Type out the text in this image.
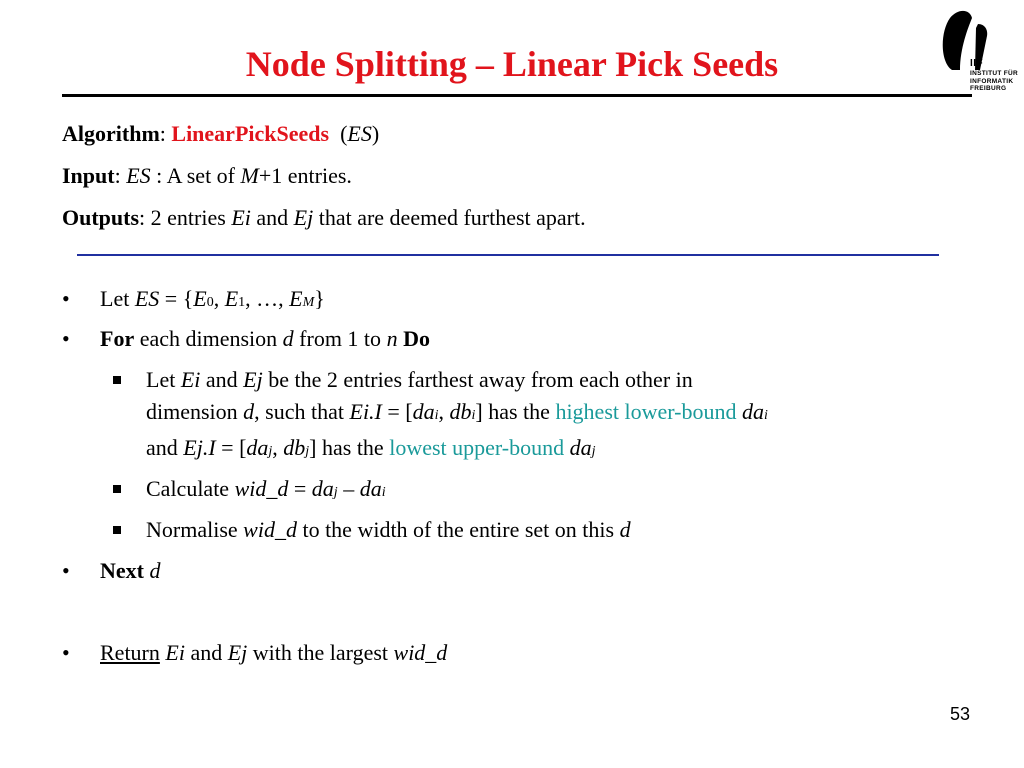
Node Splitting – Linear Pick Seeds	IIF
INSTITUT FÜR
INFORMATIK
FREIBURG
Algorithm: LinearPickSeeds  (ES)
Input: ES : A set of M+1 entries.
Outputs: 2 entries Ei and Ej that are deemed furthest apart.
• Let ES = {E0, E1, …, EM}
• For each dimension d from 1 to n Do
Let Ei and Ej be the 2 entries farthest away from each other in
dimension d, such that Ei.I = [dai, dbi] has the highest lower-bound dai
and Ej.I = [daj, dbj] has the lowest upper-bound daj
Calculate wid_d = daj – dai
Normalise wid_d to the width of the entire set on this d
• Next d
• Return Ei and Ej with the largest wid_d
53
